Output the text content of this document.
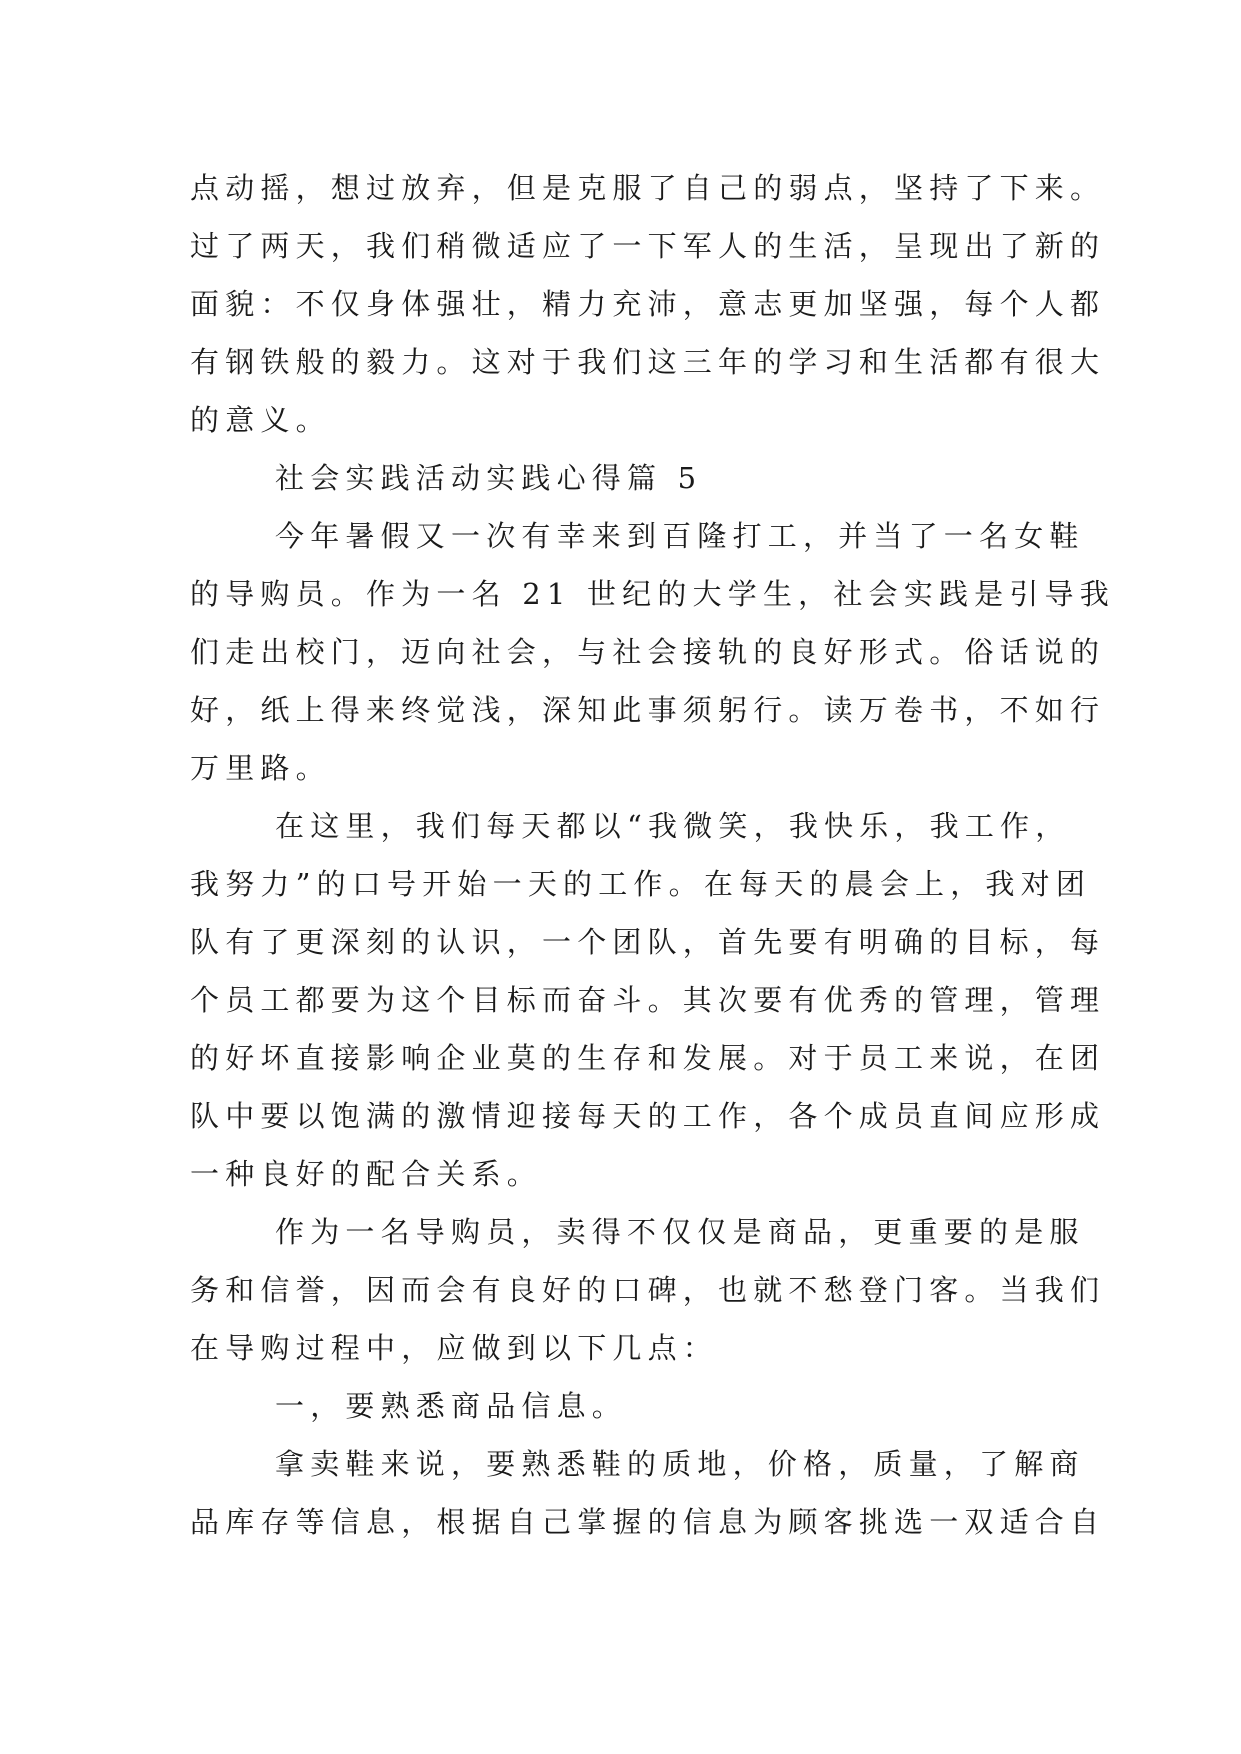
点动摇，想过放弃，但是克服了自己的弱点，坚持了下来。

过了两天，我们稍微适应了一下军人的生活，呈现出了新的

面貌：不仅身体强壮，精力充沛，意志更加坚强，每个人都

有钢铁般的毅力。这对于我们这三年的学习和生活都有很大

的意义。

社会实践活动实践心得篇 5

今年暑假又一次有幸来到百隆打工，并当了一名女鞋

的导购员。作为一名 21 世纪的大学生，社会实践是引导我

们走出校门，迈向社会，与社会接轨的良好形式。俗话说的

好，纸上得来终觉浅，深知此事须躬行。读万卷书，不如行

万里路。

在这里，我们每天都以“我微笑，我快乐，我工作，

我努力”的口号开始一天的工作。在每天的晨会上，我对团

队有了更深刻的认识，一个团队，首先要有明确的目标，每

个员工都要为这个目标而奋斗。其次要有优秀的管理，管理

的好坏直接影响企业莫的生存和发展。对于员工来说，在团

队中要以饱满的激情迎接每天的工作，各个成员直间应形成

一种良好的配合关系。

作为一名导购员，卖得不仅仅是商品，更重要的是服

务和信誉，因而会有良好的口碑，也就不愁登门客。当我们

在导购过程中，应做到以下几点：

一，要熟悉商品信息。

拿卖鞋来说，要熟悉鞋的质地，价格，质量，了解商

品库存等信息，根据自己掌握的信息为顾客挑选一双适合自
